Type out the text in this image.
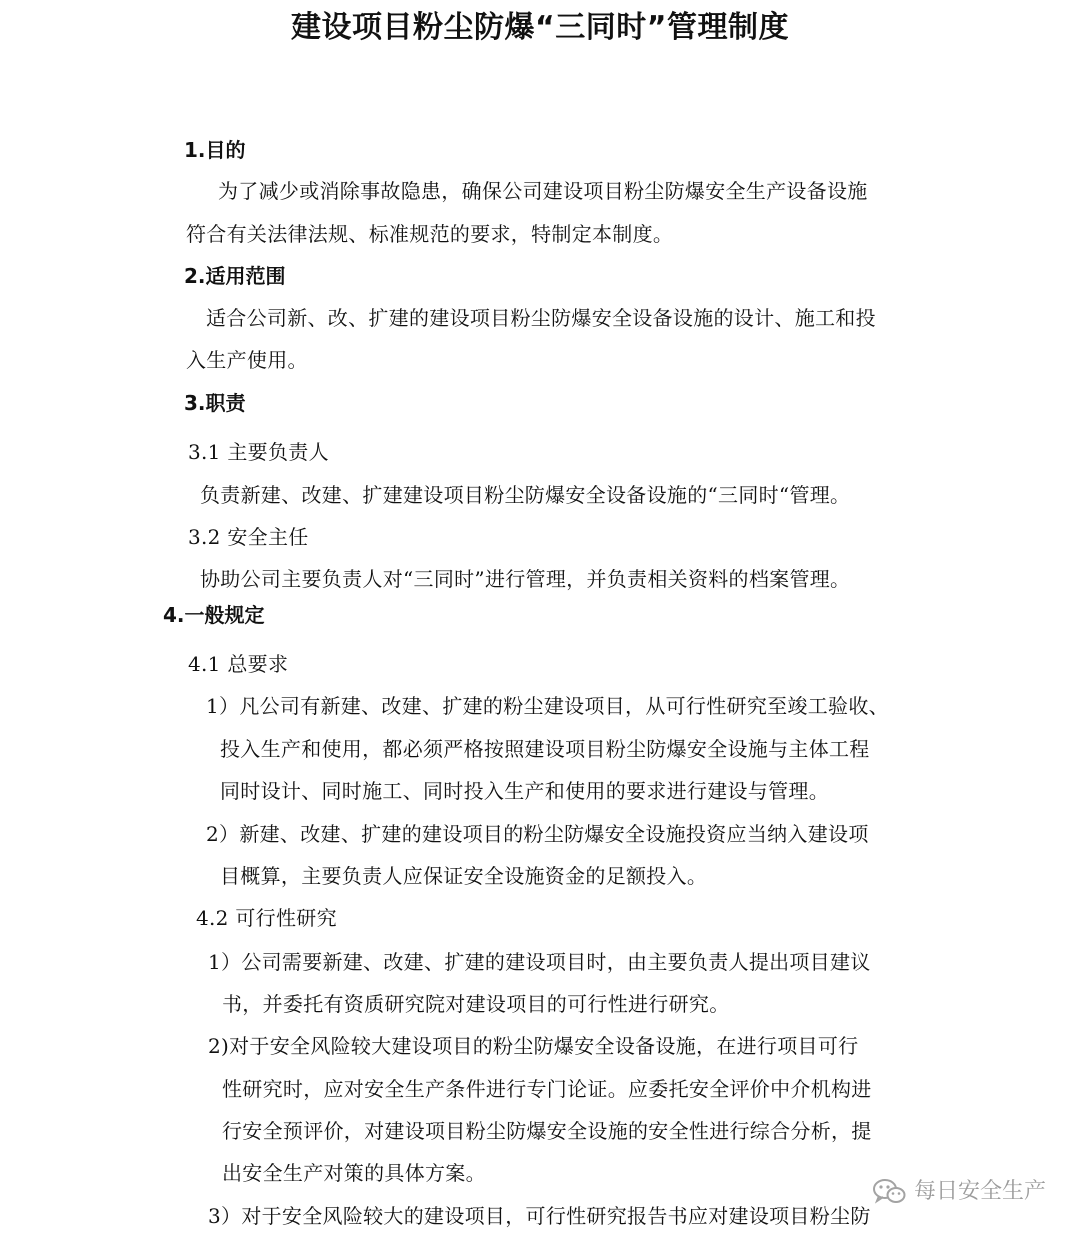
建设项目粉尘防爆“三同时”管理制度
1.目的
为了减少或消除事故隐患，确保公司建设项目粉尘防爆安全生产设备设施
符合有关法律法规、标准规范的要求，特制定本制度。
2.适用范围
适合公司新、改、扩建的建设项目粉尘防爆安全设备设施的设计、施工和投
入生产使用。
3.职责
3.1 主要负责人
负责新建、改建、扩建建设项目粉尘防爆安全设备设施的“三同时“管理。
3.2 安全主任
协助公司主要负责人对“三同时”进行管理，并负责相关资料的档案管理。
4.一般规定
4.1 总要求
1）凡公司有新建、改建、扩建的粉尘建设项目，从可行性研究至竣工验收、
投入生产和使用，都必须严格按照建设项目粉尘防爆安全设施与主体工程
同时设计、同时施工、同时投入生产和使用的要求进行建设与管理。
2）新建、改建、扩建的建设项目的粉尘防爆安全设施投资应当纳入建设项
目概算，主要负责人应保证安全设施资金的足额投入。
4.2 可行性研究
1）公司需要新建、改建、扩建的建设项目时，由主要负责人提出项目建议
书，并委托有资质研究院对建设项目的可行性进行研究。
2)对于安全风险较大建设项目的粉尘防爆安全设备设施，在进行项目可行
性研究时，应对安全生产条件进行专门论证。应委托安全评价中介机构进
行安全预评价，对建设项目粉尘防爆安全设施的安全性进行综合分析，提
出安全生产对策的具体方案。
3）对于安全风险较大的建设项目，可行性研究报告书应对建设项目粉尘防
每日安全生产
